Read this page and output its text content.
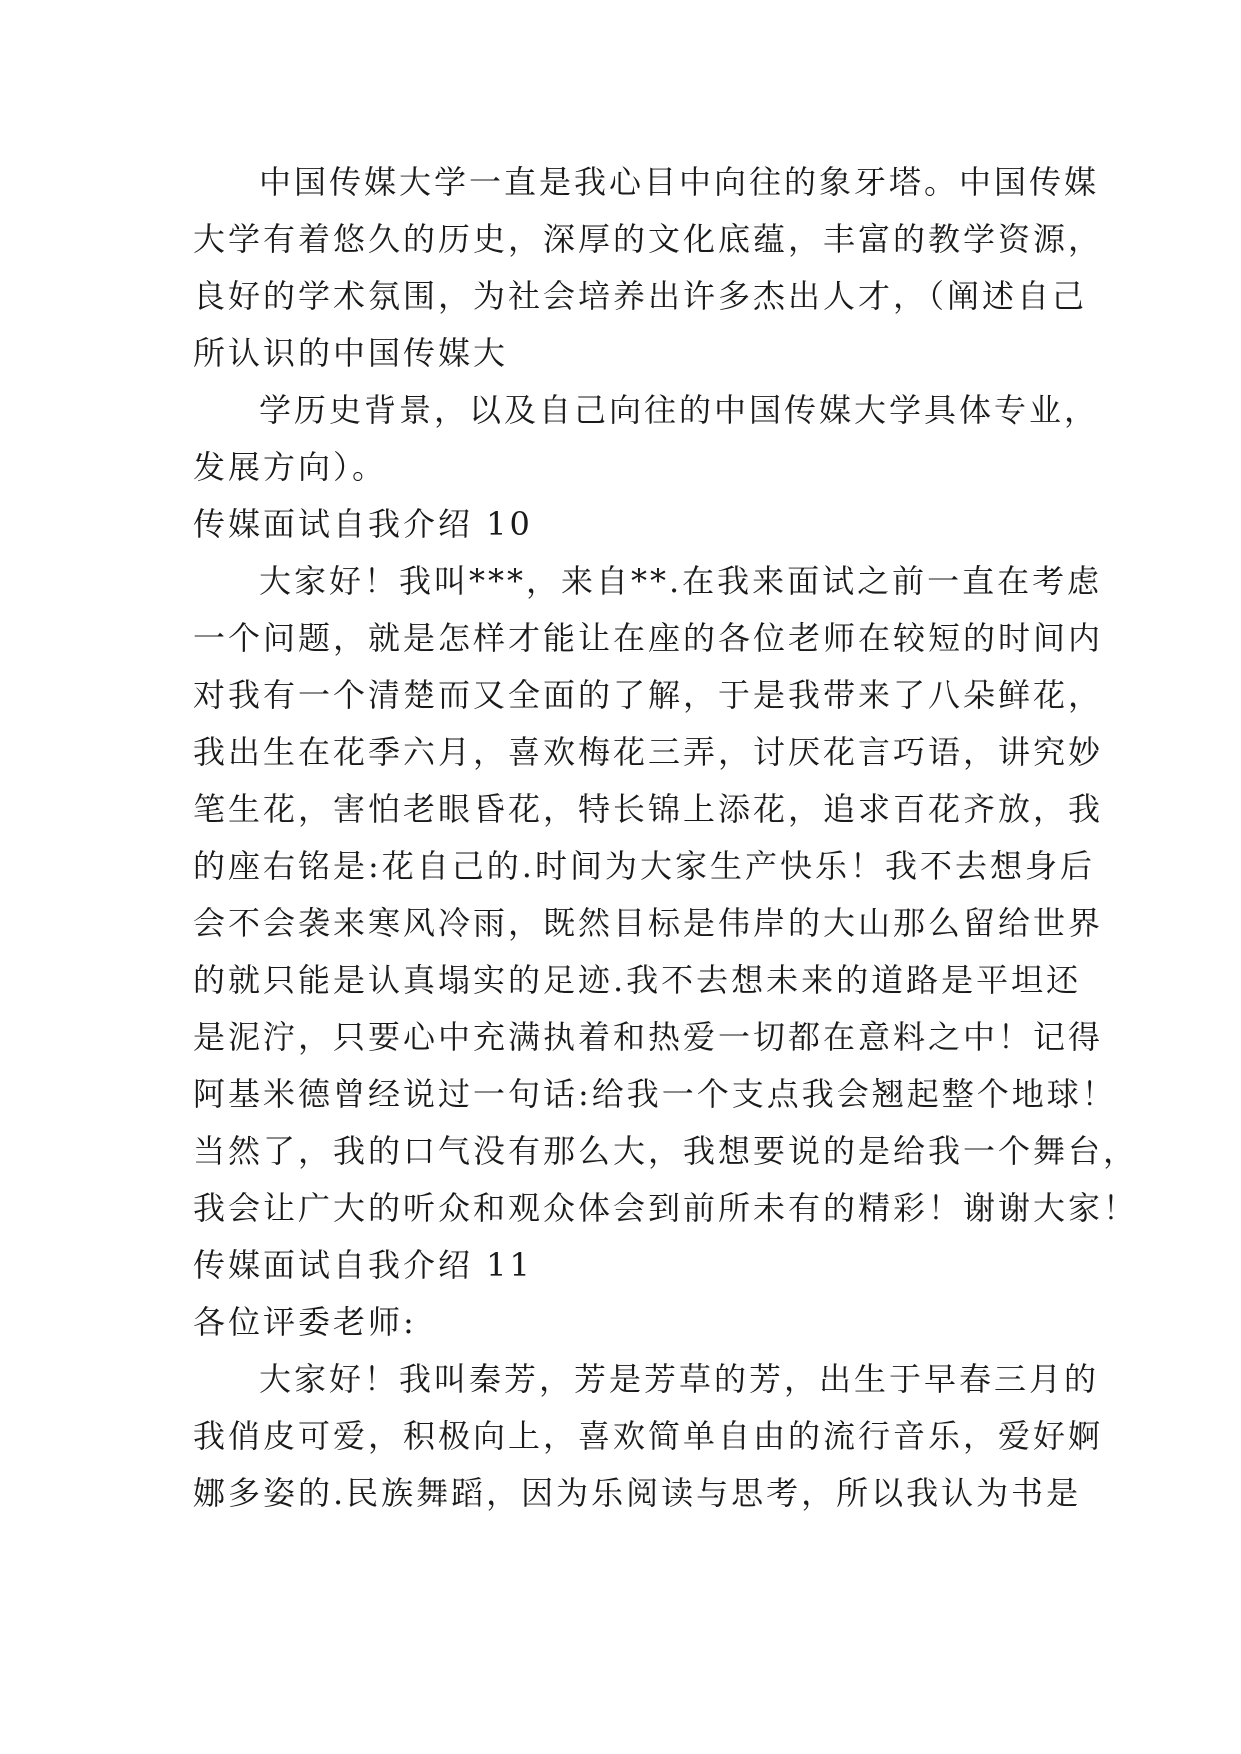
中国传媒大学一直是我心目中向往的象牙塔。中国传媒
大学有着悠久的历史，深厚的文化底蕴，丰富的教学资源，
良好的学术氛围，为社会培养出许多杰出人才，（阐述自己
所认识的中国传媒大
学历史背景，以及自己向往的中国传媒大学具体专业，
发展方向）。
传媒面试自我介绍 10
大家好！我叫***，来自**.在我来面试之前一直在考虑
一个问题，就是怎样才能让在座的各位老师在较短的时间内
对我有一个清楚而又全面的了解，于是我带来了八朵鲜花，
我出生在花季六月，喜欢梅花三弄，讨厌花言巧语，讲究妙
笔生花，害怕老眼昏花，特长锦上添花，追求百花齐放，我
的座右铭是:花自己的.时间为大家生产快乐！我不去想身后
会不会袭来寒风冷雨，既然目标是伟岸的大山那么留给世界
的就只能是认真塌实的足迹.我不去想未来的道路是平坦还
是泥泞，只要心中充满执着和热爱一切都在意料之中！记得
阿基米德曾经说过一句话:给我一个支点我会翘起整个地球！
当然了，我的口气没有那么大，我想要说的是给我一个舞台，
我会让广大的听众和观众体会到前所未有的精彩！谢谢大家！
传媒面试自我介绍 11
各位评委老师:
大家好！我叫秦芳，芳是芳草的芳，出生于早春三月的
我俏皮可爱，积极向上，喜欢简单自由的流行音乐，爱好婀
娜多姿的.民族舞蹈，因为乐阅读与思考，所以我认为书是
